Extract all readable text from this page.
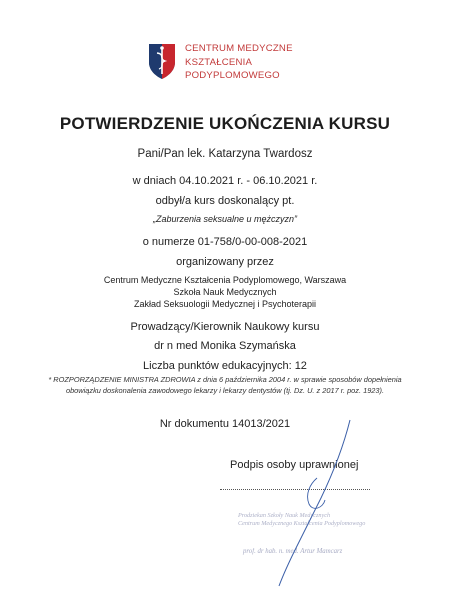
CENTRUM MEDYCZNE
KSZTAŁCENIA
PODYPLOMOWEGO
POTWIERDZENIE UKOŃCZENIA KURSU
Pani/Pan lek. Katarzyna Twardosz
w dniach 04.10.2021 r. - 06.10.2021 r.
odbył/a kurs doskonalący pt.
„Zaburzenia seksualne u mężczyzn”
o numerze 01-758/0-00-008-2021
organizowany przez
Centrum Medyczne Kształcenia Podyplomowego, Warszawa
Szkoła Nauk Medycznych
Zakład Seksuologii Medycznej i Psychoterapii
Prowadzący/Kierownik Naukowy kursu
dr n med Monika Szymańska
Liczba punktów edukacyjnych: 12
* ROZPORZĄDZENIE MINISTRA ZDROWIA z dnia 6 października 2004 r. w sprawie sposobów dopełnienia obowiązku doskonalenia zawodowego lekarzy i lekarzy dentystów (tj. Dz. U. z 2017 r. poz. 1923).
Nr dokumentu 14013/2021
Podpis osoby uprawnionej
Prodziekan Szkoły Nauk Medycznych
Centrum Medycznego Kształcenia Podyplomowego
prof. dr hab. n. med. Artur Mamcarz
